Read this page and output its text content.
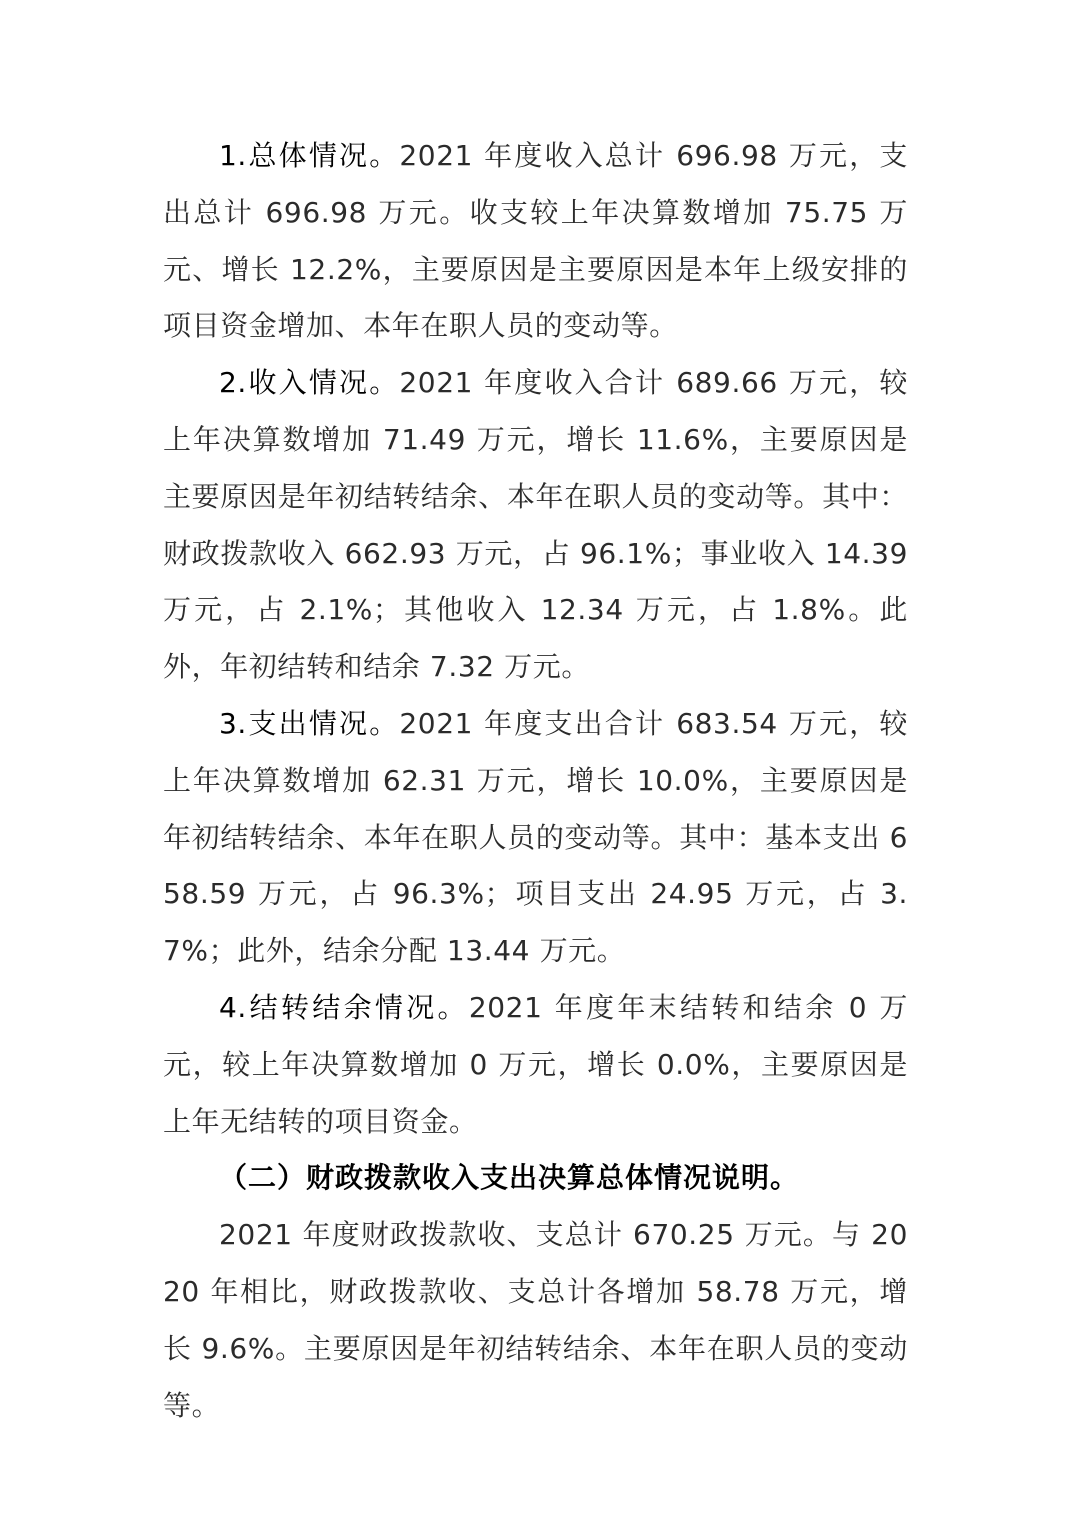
1.总体情况。2021 年度收入总计 696.98 万元，支出总计 696.98 万元。收支较上年决算数增加 75.75 万元、增长 12.2%，主要原因是主要原因是本年上级安排的项目资金增加、本年在职人员的变动等。

2.收入情况。2021 年度收入合计 689.66 万元，较上年决算数增加 71.49 万元，增长 11.6%，主要原因是主要原因是年初结转结余、本年在职人员的变动等。其中：财政拨款收入 662.93 万元，占 96.1%；事业收入 14.39 万元，占 2.1%；其他收入 12.34 万元，占 1.8%。此外，年初结转和结余 7.32 万元。

3.支出情况。2021 年度支出合计 683.54 万元，较上年决算数增加 62.31 万元，增长 10.0%，主要原因是年初结转结余、本年在职人员的变动等。其中：基本支出 658.59 万元，占 96.3%；项目支出 24.95 万元，占 3.7%；此外，结余分配 13.44 万元。

4.结转结余情况。2021 年度年末结转和结余 0 万元，较上年决算数增加 0 万元，增长 0.0%，主要原因是上年无结转的项目资金。

（二）财政拨款收入支出决算总体情况说明。

2021 年度财政拨款收、支总计 670.25 万元。与 2020 年相比，财政拨款收、支总计各增加 58.78 万元，增长 9.6%。主要原因是年初结转结余、本年在职人员的变动等。
